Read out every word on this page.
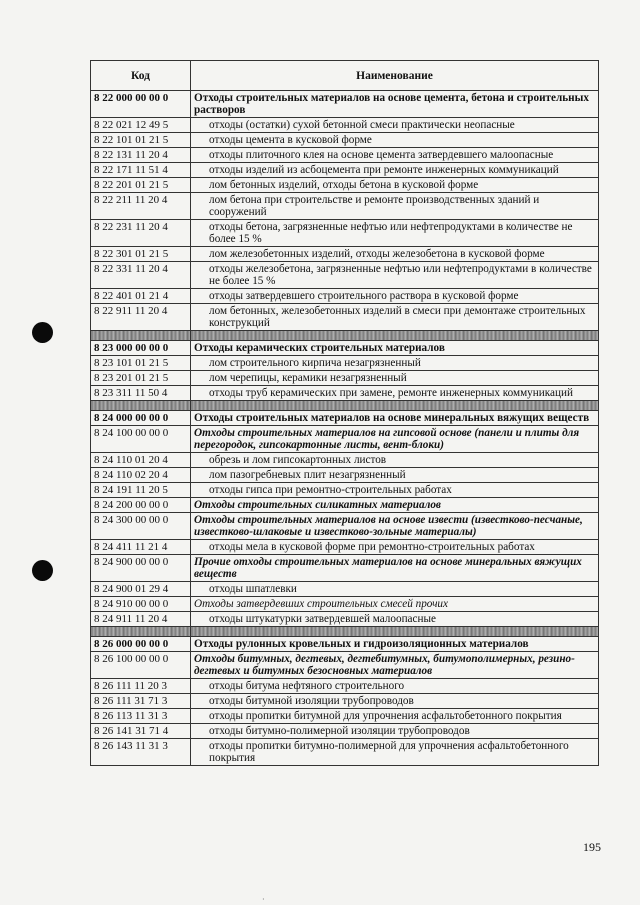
Код	Наименование
8 22 000 00 00 0	Отходы строительных материалов на основе цемента, бетона и строительных растворов
8 22 021 12 49 5	отходы (остатки) сухой бетонной смеси практически неопасные
8 22 101 01 21 5	отходы цемента в кусковой форме
8 22 131 11 20 4	отходы плиточного клея на основе цемента затвердевшего малоопасные
8 22 171 11 51 4	отходы изделий из асбоцемента при ремонте инженерных коммуникаций
8 22 201 01 21 5	лом бетонных изделий, отходы бетона в кусковой форме
8 22 211 11 20 4	лом бетона при строительстве и ремонте производственных зданий и сооружений
8 22 231 11 20 4	отходы бетона, загрязненные нефтью или нефтепродуктами в количестве не более 15 %
8 22 301 01 21 5	лом железобетонных изделий, отходы железобетона в кусковой форме
8 22 331 11 20 4	отходы железобетона, загрязненные нефтью или нефтепродуктами в количестве не более 15 %
8 22 401 01 21 4	отходы затвердевшего строительного раствора в кусковой форме
8 22 911 11 20 4	лом бетонных, железобетонных изделий в смеси при демонтаже строительных конструкций

8 23 000 00 00 0	Отходы керамических строительных материалов
8 23 101 01 21 5	лом строительного кирпича незагрязненный
8 23 201 01 21 5	лом черепицы, керамики незагрязненный
8 23 311 11 50 4	отходы труб керамических при замене, ремонте инженерных коммуникаций

8 24 000 00 00 0	Отходы строительных материалов на основе минеральных вяжущих веществ
8 24 100 00 00 0	Отходы строительных материалов на гипсовой основе (панели и плиты для перегородок, гипсокартонные листы, вент-блоки)
8 24 110 01 20 4	обрезь и лом гипсокартонных листов
8 24 110 02 20 4	лом пазогребневых плит незагрязненный
8 24 191 11 20 5	отходы гипса при ремонтно-строительных работах
8 24 200 00 00 0	Отходы строительных силикатных материалов
8 24 300 00 00 0	Отходы строительных материалов на основе извести (известково-песчаные, известково-шлаковые и известково-зольные материалы)
8 24 411 11 21 4	отходы мела в кусковой форме при ремонтно-строительных работах
8 24 900 00 00 0	Прочие отходы строительных материалов на основе минеральных вяжущих веществ
8 24 900 01 29 4	отходы шпатлевки
8 24 910 00 00 0	Отходы затвердевших строительных смесей прочих
8 24 911 11 20 4	отходы штукатурки затвердевшей малоопасные

8 26 000 00 00 0	Отходы рулонных кровельных и гидроизоляционных материалов
8 26 100 00 00 0	Отходы битумных, дегтевых, дегтебитумных, битумополимерных, резино-дегтевых и битумных безосновных материалов
8 26 111 11 20 3	отходы битума нефтяного строительного
8 26 111 31 71 3	отходы битумной изоляции трубопроводов
8 26 113 11 31 3	отходы пропитки битумной для упрочнения асфальтобетонного покрытия
8 26 141 31 71 4	отходы битумно-полимерной изоляции трубопроводов
8 26 143 11 31 3	отходы пропитки битумно-полимерной для упрочнения асфальтобетонного покрытия
195
·
